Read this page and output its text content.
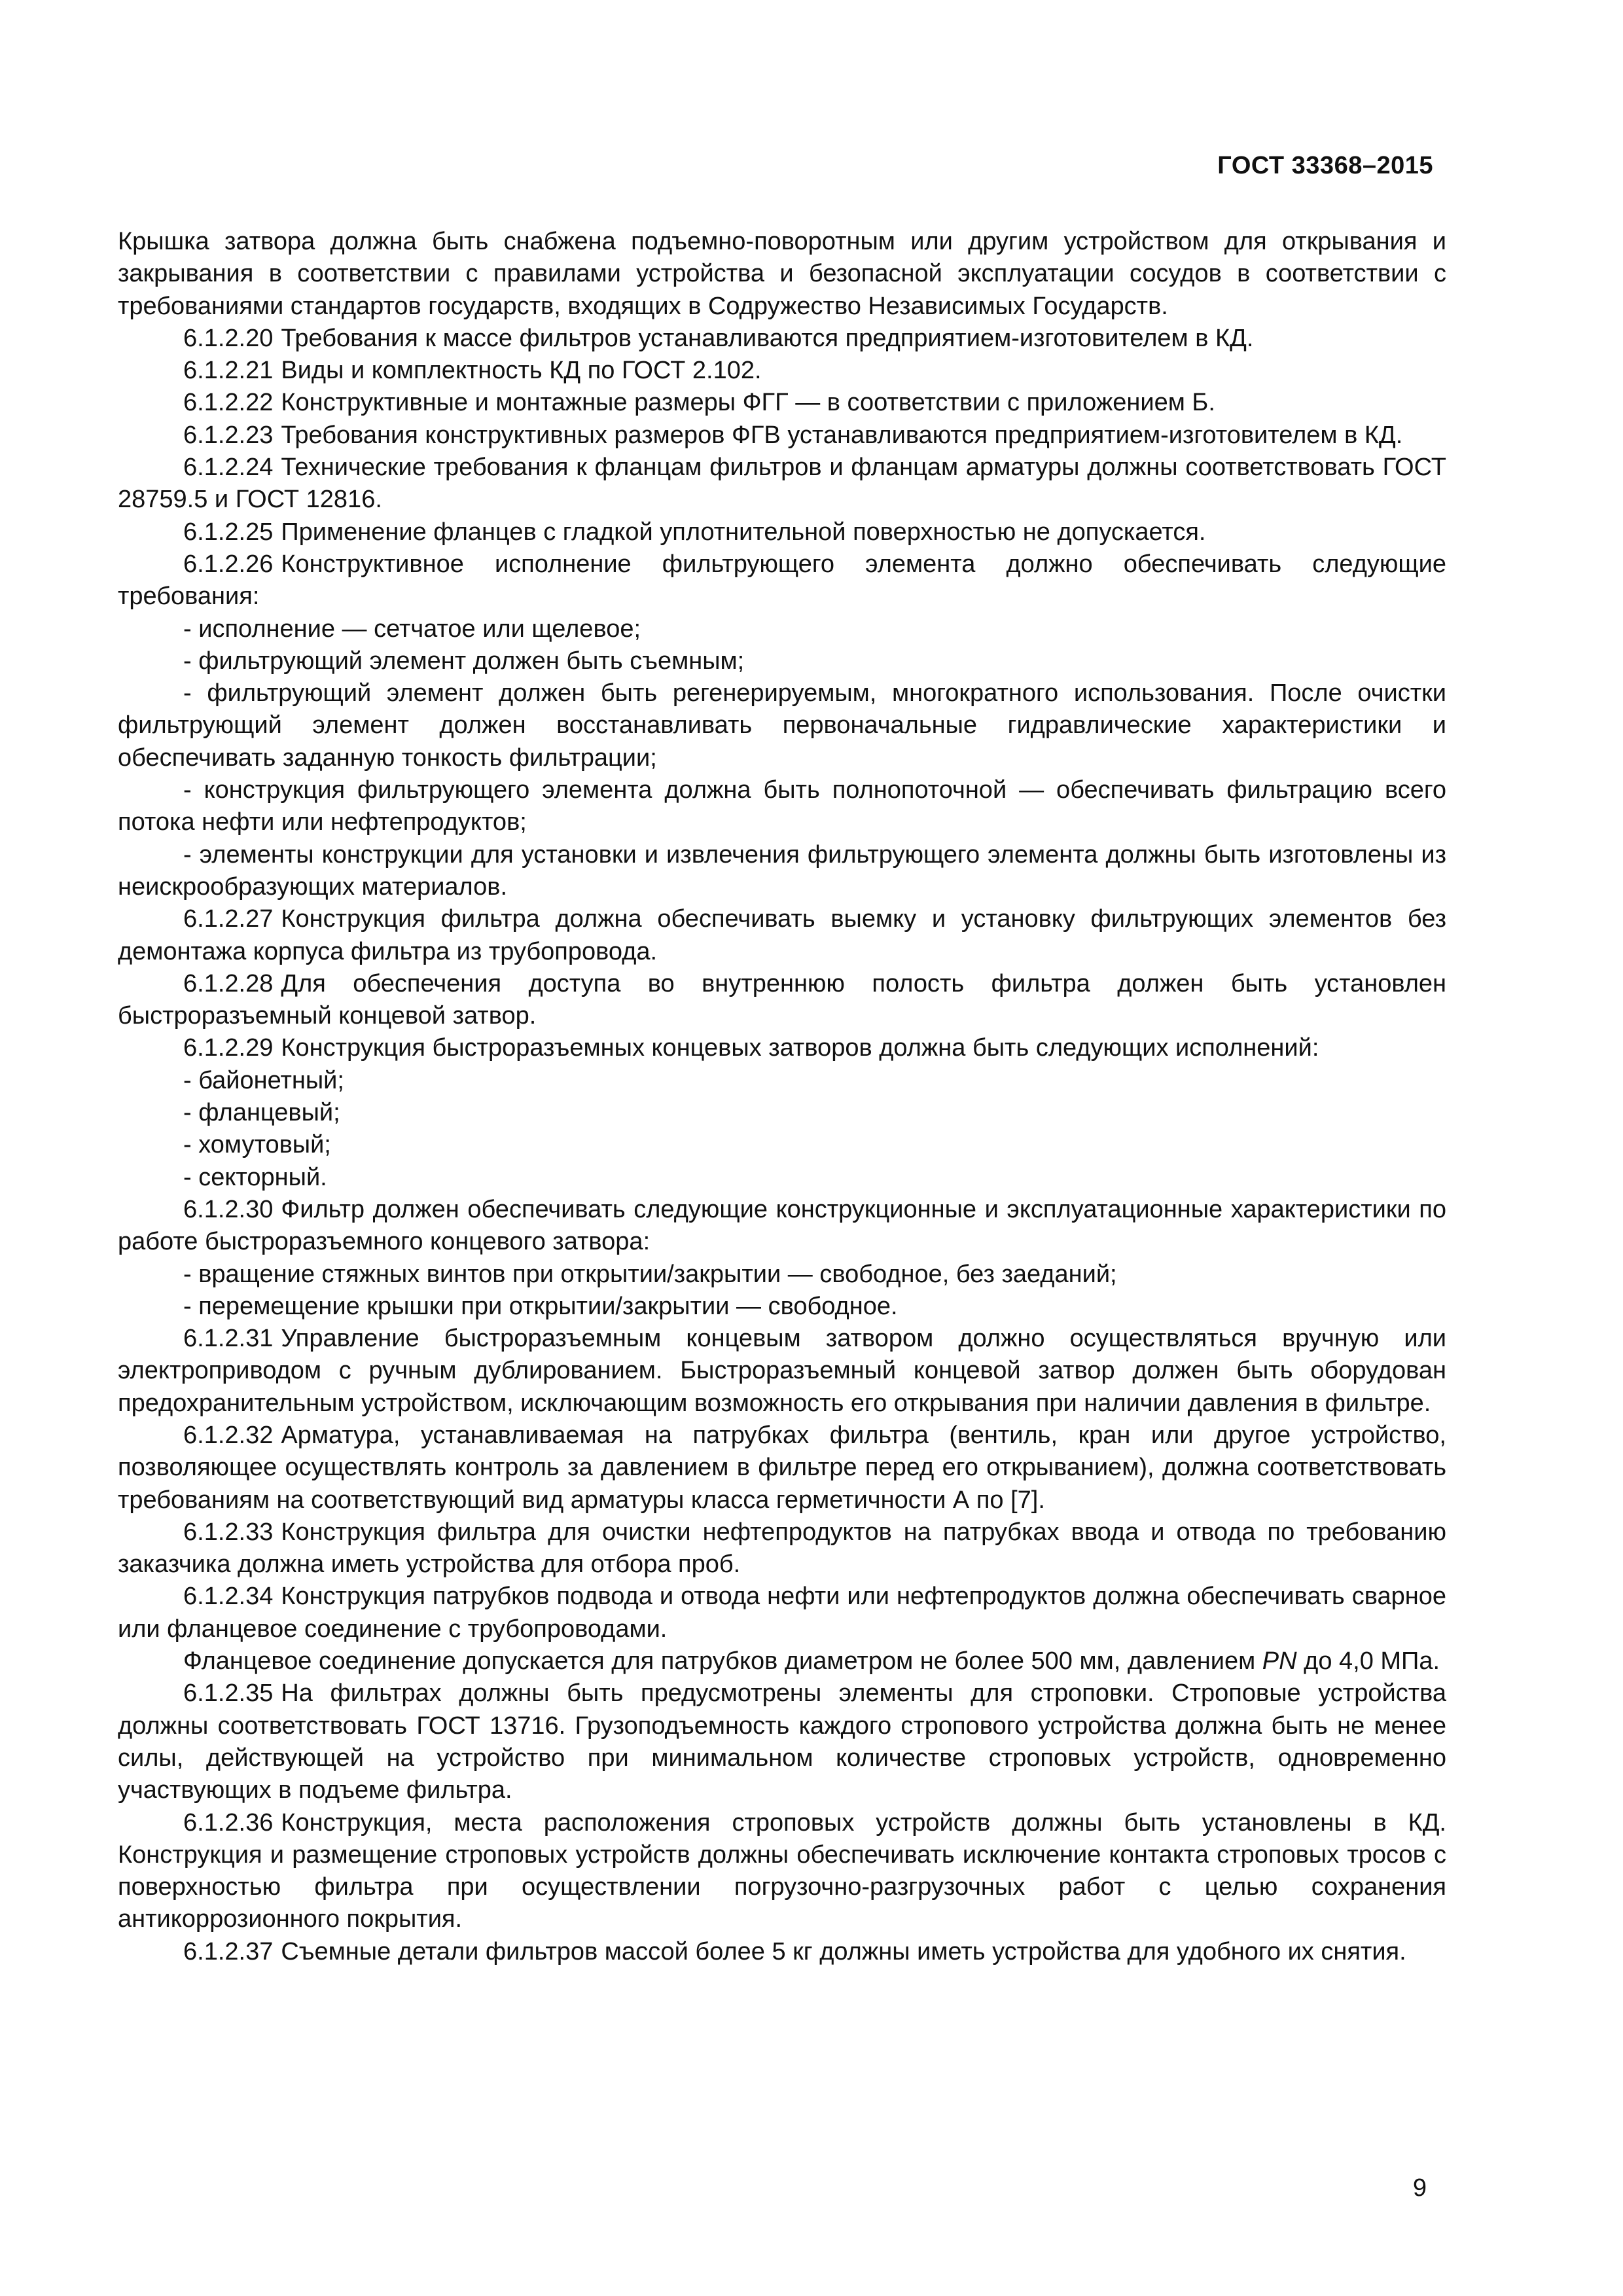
ГОСТ 33368–2015

Крышка затвора должна быть снабжена подъемно-поворотным или другим устройством для открывания и закрывания в соответствии с правилами устройства и безопасной эксплуатации сосудов в соответствии с требованиями стандартов государств, входящих в Содружество Независимых Государств.

6.1.2.20 Требования к массе фильтров устанавливаются предприятием-изготовителем в КД.

6.1.2.21 Виды и комплектность КД по ГОСТ 2.102.

6.1.2.22 Конструктивные и монтажные размеры ФГГ — в соответствии с приложением Б.

6.1.2.23 Требования конструктивных размеров ФГВ устанавливаются предприятием-изготовителем в КД.

6.1.2.24 Технические требования к фланцам фильтров и фланцам арматуры должны соответствовать ГОСТ 28759.5 и ГОСТ 12816.

6.1.2.25 Применение фланцев с гладкой уплотнительной поверхностью не допускается.

6.1.2.26 Конструктивное исполнение фильтрующего элемента должно обеспечивать следующие требования:

- исполнение — сетчатое или щелевое;

- фильтрующий элемент должен быть съемным;

- фильтрующий элемент должен быть регенерируемым, многократного использования. После очистки фильтрующий элемент должен восстанавливать первоначальные гидравлические характеристики и обеспечивать заданную тонкость фильтрации;

- конструкция фильтрующего элемента должна быть полнопоточной — обеспечивать фильтрацию всего потока нефти или нефтепродуктов;

- элементы конструкции для установки и извлечения фильтрующего элемента должны быть изготовлены из неискрообразующих материалов.

6.1.2.27 Конструкция фильтра должна обеспечивать выемку и установку фильтрующих элементов без демонтажа корпуса фильтра из трубопровода.

6.1.2.28 Для обеспечения доступа во внутреннюю полость фильтра должен быть установлен быстроразъемный концевой затвор.

6.1.2.29 Конструкция быстроразъемных концевых затворов должна быть следующих исполнений:

- байонетный;

- фланцевый;

- хомутовый;

- секторный.

6.1.2.30 Фильтр должен обеспечивать следующие конструкционные и эксплуатационные характеристики по работе быстроразъемного концевого затвора:

- вращение стяжных винтов при открытии/закрытии — свободное, без заеданий;

- перемещение крышки при открытии/закрытии — свободное.

6.1.2.31 Управление быстроразъемным концевым затвором должно осуществляться вручную или электроприводом с ручным дублированием. Быстроразъемный концевой затвор должен быть оборудован предохранительным устройством, исключающим возможность его открывания при наличии давления в фильтре.

6.1.2.32 Арматура, устанавливаемая на патрубках фильтра (вентиль, кран или другое устройство, позволяющее осуществлять контроль за давлением в фильтре перед его открыванием), должна соответствовать требованиям на соответствующий вид арматуры класса герметичности А по [7].

6.1.2.33 Конструкция фильтра для очистки нефтепродуктов на патрубках ввода и отвода по требованию заказчика должна иметь устройства для отбора проб.

6.1.2.34 Конструкция патрубков подвода и отвода нефти или нефтепродуктов должна обеспечивать сварное или фланцевое соединение с трубопроводами.

Фланцевое соединение допускается для патрубков диаметром не более 500 мм, давлением PN до 4,0 МПа.

6.1.2.35 На фильтрах должны быть предусмотрены элементы для строповки. Строповые устройства должны соответствовать ГОСТ 13716. Грузоподъемность каждого стропового устройства должна быть не менее силы, действующей на устройство при минимальном количестве строповых устройств, одновременно участвующих в подъеме фильтра.

6.1.2.36 Конструкция, места расположения строповых устройств должны быть установлены в КД. Конструкция и размещение строповых устройств должны обеспечивать исключение контакта строповых тросов с поверхностью фильтра при осуществлении погрузочно-разгрузочных работ с целью сохранения антикоррозионного покрытия.

6.1.2.37 Съемные детали фильтров массой более 5 кг должны иметь устройства для удобного их снятия.

9
